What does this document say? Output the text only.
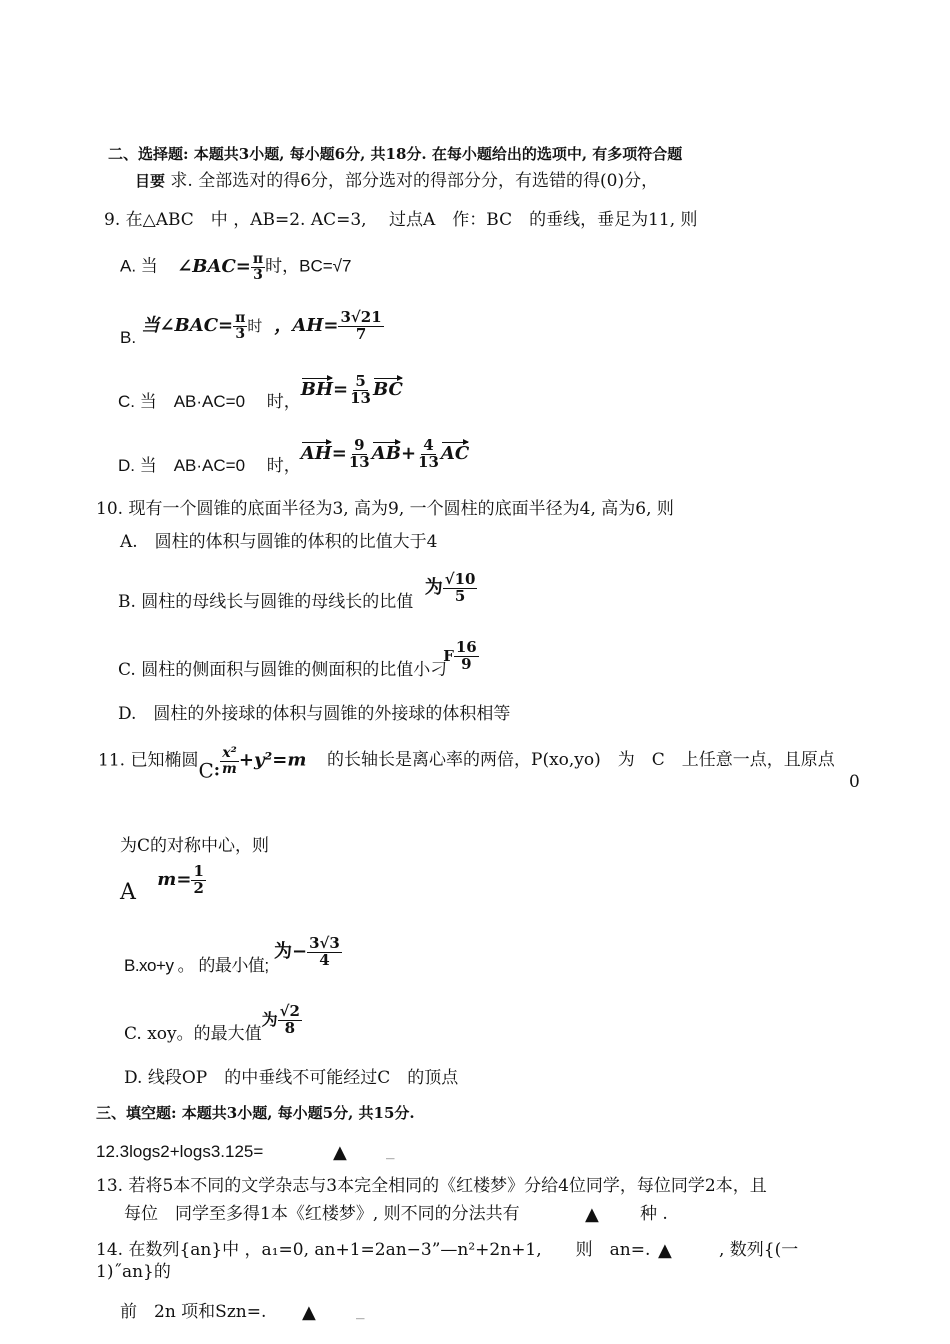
二、选择题: 本题共3小题, 每小题6分, 共18分. 在每小题给出的选项中, 有多项符合题
目要 求. 全部选对的得6分，部分选对的得部分分，有选错的得(0)分，
9. 在△ABC　中 ，AB=2. AC=3,　 过点A　作：BC　的垂线，垂足为11, 则
A. 当 ∠BAC= $\frac{\pi}{3}$ 时，BC=√7
B. 当∠BAC= $\frac{\pi}{3}$ 时 ，$AH= \frac{3√21}{7}$
C. 当　AB·AC=0　 时，$BH= \frac{5}{13}$ BC
D. 当　AB·AC=0　 时，$AH= \frac{9}{13} AB+ \frac{4}{13}$ AC
10. 现有一个圆锥的底面半径为3, 高为9, 一个圆柱的底面半径为4, 高为6, 则
A.　圆柱的体积与圆锥的体积的比值大于4
B. 圆柱的母线长与圆锥的母线长的比值 为 $\frac{√10}{5}$
C. 圆柱的侧面积与圆锥的侧面积的比值小刁F $\frac{16}{9}$
D.　圆柱的外接球的体积与圆锥的外接球的体积相等
11. 已知椭圆C: $\frac{\text{x²}}{m} +y^2=m$ 的长轴长是离心率的两倍，P(xo,yo)　为　C　上任意一点，且原点
0
为C的对称中心，则
A $m= \frac{1}{2}$
B.xo+y 。 的最小值; 为− $\frac{3√3}{4}$
C. xoy。的最大值为 $\frac{√2}{8}$
D. 线段OP　的中垂线不可能经过C　的顶点
三、填空题: 本题共3小题, 每小题5分, 共15分.
12.3logs2+logs3.125=	▲ _
13. 若将5本不同的文学杂志与3本完全相同的《红楼梦》分给4位同学，每位同学2本，且
每位　同学至多得1本《红楼梦》, 则不同的分法共有	▲ 种 .
14. 在数列{an}中 ，a₁=0, an+1=2an−3”—n²+2n+1,　　则　an=. ▲	, 数列{(一
1)˝an}的
前　2n 项和Szn=. ▲ _
